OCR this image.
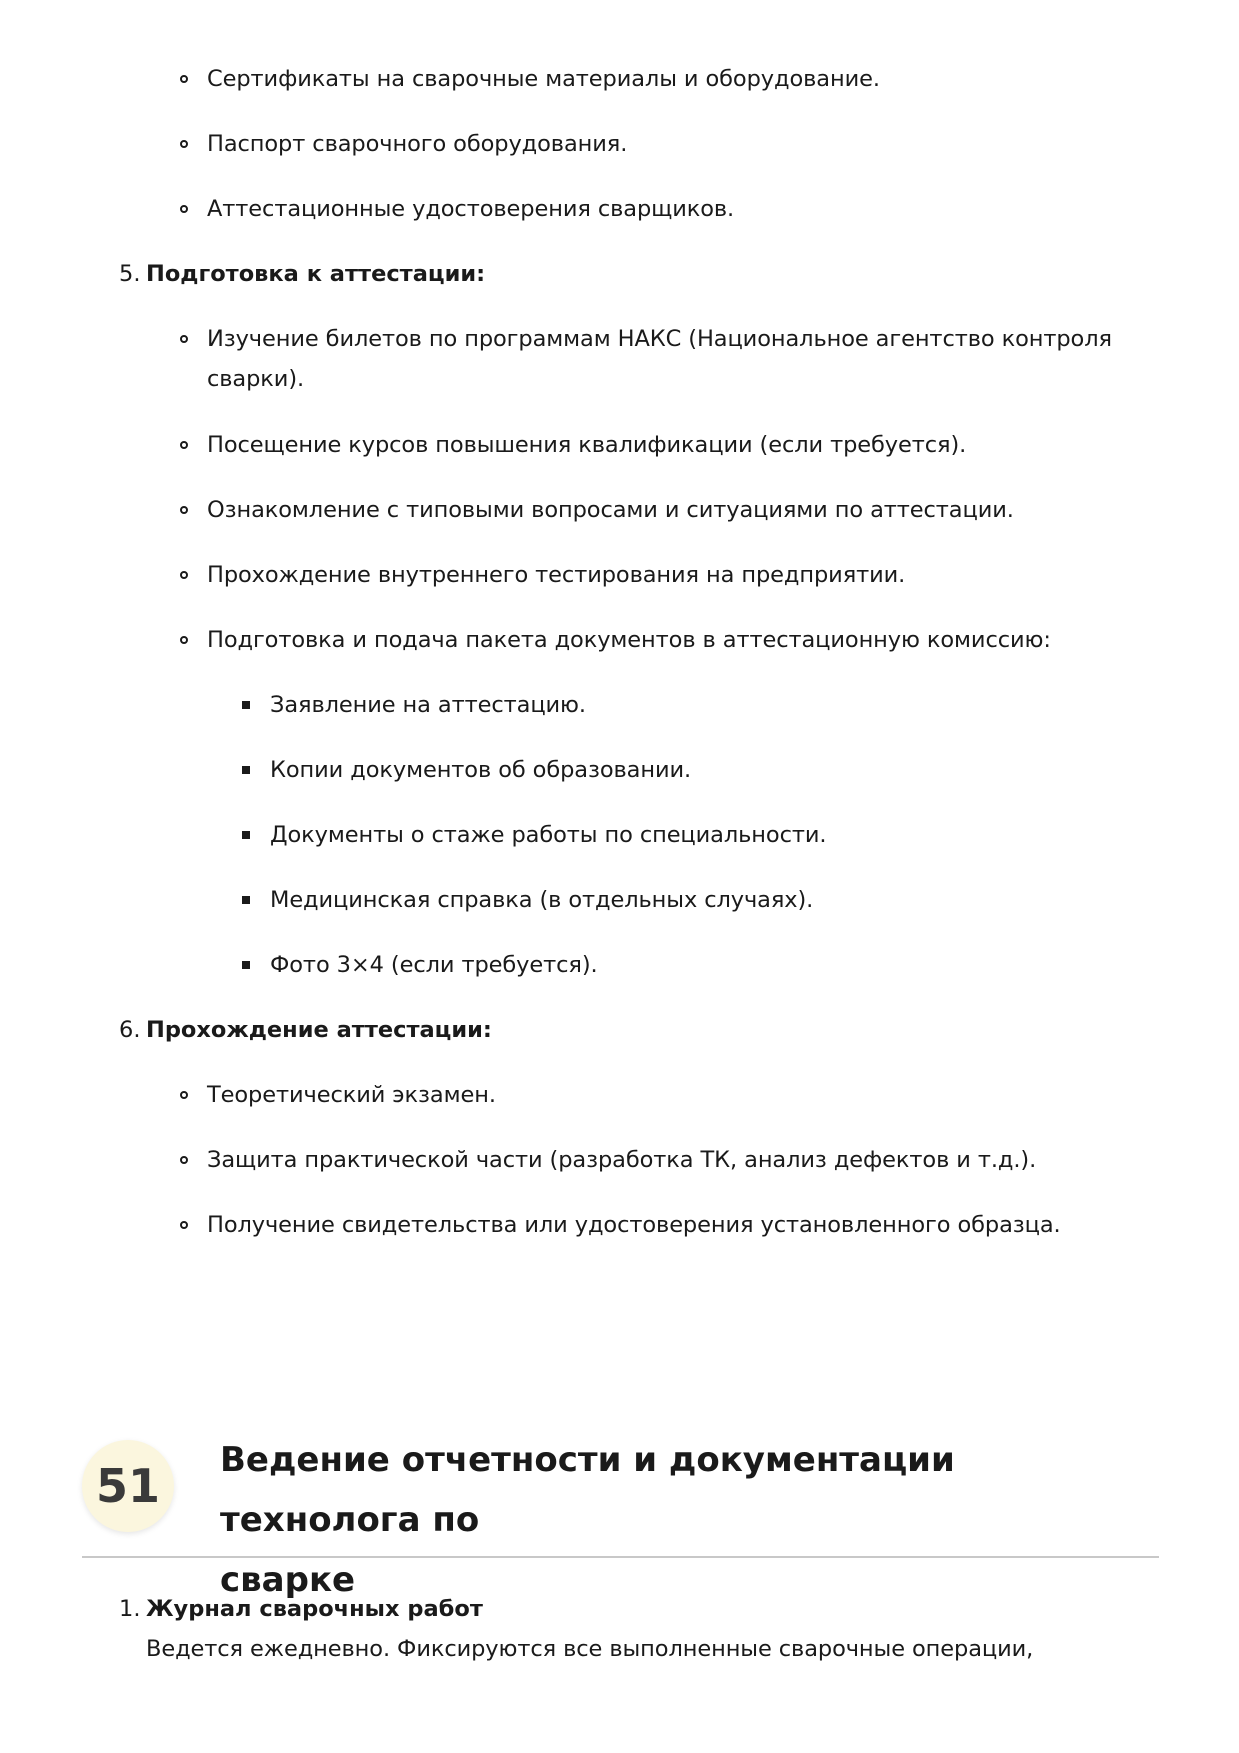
Сертификаты на сварочные материалы и оборудование.
Паспорт сварочного оборудования.
Аттестационные удостоверения сварщиков.
5. Подготовка к аттестации:
Изучение билетов по программам НАКС (Национальное агентство контроля
сварки).
Посещение курсов повышения квалификации (если требуется).
Ознакомление с типовыми вопросами и ситуациями по аттестации.
Прохождение внутреннего тестирования на предприятии.
Подготовка и подача пакета документов в аттестационную комиссию:
Заявление на аттестацию.
Копии документов об образовании.
Документы о стаже работы по специальности.
Медицинская справка (в отдельных случаях).
Фото 3×4 (если требуется).
6. Прохождение аттестации:
Теоретический экзамен.
Защита практической части (разработка ТК, анализ дефектов и т.д.).
Получение свидетельства или удостоверения установленного образца.
51	Ведение отчетности и документации технолога по
сварке
1. Журнал сварочных работ
Ведется ежедневно. Фиксируются все выполненные сварочные операции,
